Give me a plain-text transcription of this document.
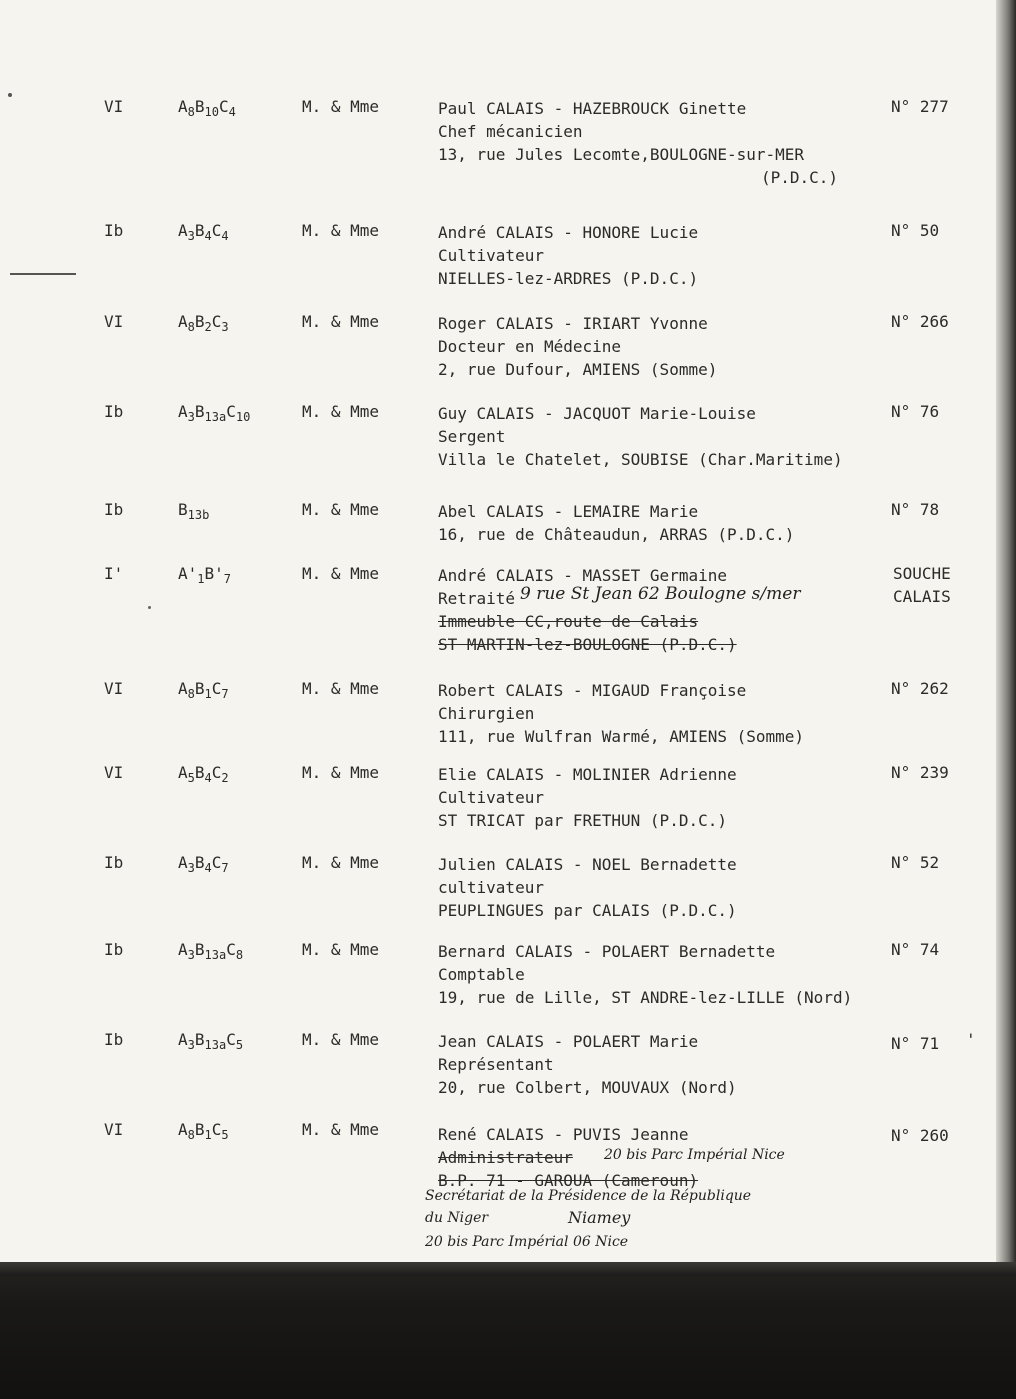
VI	$A_8B_{10}C_4$	M. & Mme	Paul CALAIS - HAZEBROUCK Ginette
Chef mécanicien
13, rue Jules Lecomte,BOULOGNE-sur-MER
(P.D.C.)
N° 277
Ib	$A_3B_4C_4$	M. & Mme	André CALAIS - HONORE Lucie
Cultivateur
NIELLES-lez-ARDRES (P.D.C.)
N° 50
VI	$A_8B_2C_3$	M. & Mme	Roger CALAIS - IRIART Yvonne
Docteur en Médecine
2, rue Dufour, AMIENS (Somme)
N° 266
Ib	$A_3B_{13a}C_{10}$	M. & Mme	Guy CALAIS - JACQUOT Marie-Louise
Sergent
Villa le Chatelet, SOUBISE (Char.Maritime)
N° 76
Ib	$B_{13b}$	M. & Mme	Abel CALAIS - LEMAIRE Marie
16, rue de Châteaudun, ARRAS (P.D.C.)
N° 78
I'	$A'_1B'_7$	M. & Mme	André CALAIS - MASSET Germaine
Retraité
Immeuble CC,route de Calais
ST MARTIN-lez-BOULOGNE (P.D.C.)
9 rue St Jean 62 Boulogne s/mer
SOUCHE
CALAIS
VI	$A_8B_1C_7$	M. & Mme	Robert CALAIS - MIGAUD Françoise
Chirurgien
111, rue Wulfran Warmé, AMIENS (Somme)
N° 262
VI	$A_5B_4C_2$	M. & Mme	Elie CALAIS - MOLINIER Adrienne
Cultivateur
ST TRICAT par FRETHUN (P.D.C.)
N° 239
Ib	$A_3B_4C_7$	M. & Mme	Julien CALAIS - NOEL Bernadette
cultivateur
PEUPLINGUES par CALAIS (P.D.C.)
N° 52
Ib	$A_3B_{13a}C_8$	M. & Mme	Bernard CALAIS - POLAERT Bernadette
Comptable
19, rue de Lille, ST ANDRE-lez-LILLE (Nord)
N° 74
Ib	$A_3B_{13a}C_5$	M. & Mme	Jean CALAIS - POLAERT Marie
Représentant
20, rue Colbert, MOUVAUX (Nord)
N° 71 '
VI	$A_8B_1C_5$	M. & Mme	René CALAIS - PUVIS Jeanne
Administrateur
B.P. 71 - GAROUA (Cameroun)
20 bis Parc Impérial Nice
Secrétariat de la Présidence de la République
du Niger	Niamey
20 bis Parc Impérial 06 Nice
N° 260
